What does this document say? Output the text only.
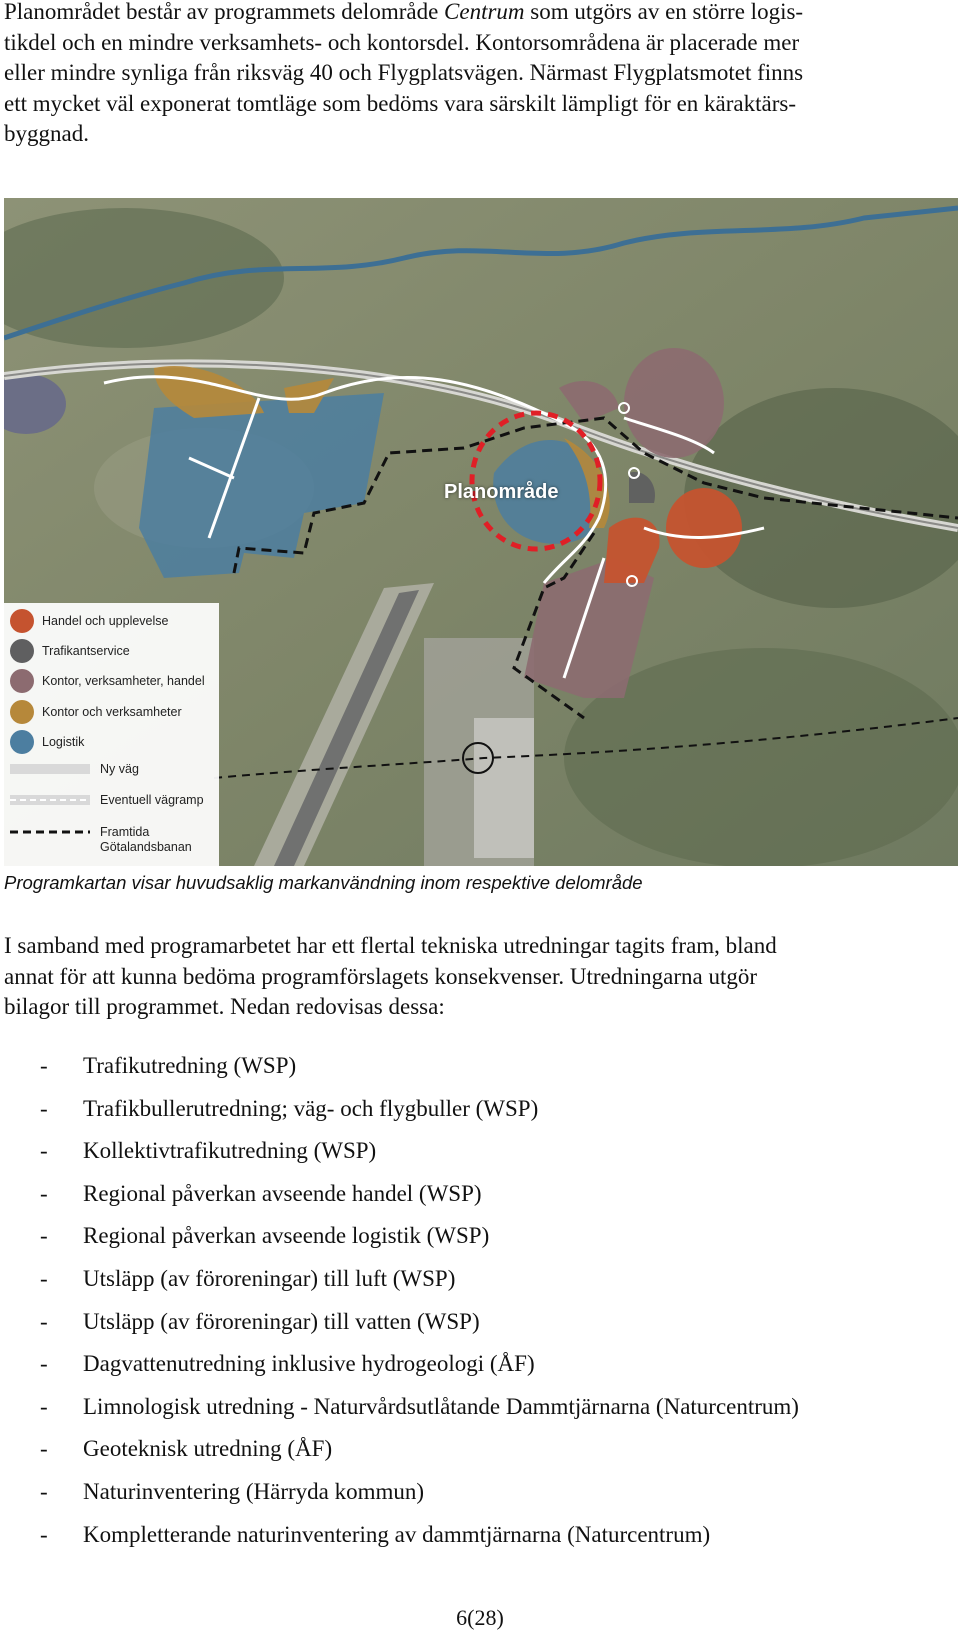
Planområdet består av programmets delområde Centrum som utgörs av en större logis-
tikdel och en mindre verksamhets- och kontorsdel. Kontorsområdena är placerade mer
eller mindre synliga från riksväg 40 och Flygplatsvägen. Närmast Flygplatsmotet finns
ett mycket väl exponerat tomtläge som bedöms vara särskilt lämpligt för en käraktärs-
byggnad.
Planområde
Handel och upplevelse
Trafikantservice
Kontor, verksamheter, handel
Kontor och verksamheter
Logistik
Ny väg
Eventuell vägramp
Framtida
Götalandsbanan
Programkartan visar huvudsaklig markanvändning inom respektive delområde
I samband med programarbetet har ett flertal tekniska utredningar tagits fram, bland
annat för att kunna bedöma programförslagets konsekvenser. Utredningarna utgör
bilagor till programmet. Nedan redovisas dessa:
-	Trafikutredning (WSP)
-	Trafikbullerutredning; väg- och flygbuller (WSP)
-	Kollektivtrafikutredning (WSP)
-	Regional påverkan avseende handel (WSP)
-	Regional påverkan avseende logistik (WSP)
-	Utsläpp (av föroreningar) till luft (WSP)
-	Utsläpp (av föroreningar) till vatten (WSP)
-	Dagvattenutredning inklusive hydrogeologi (ÅF)
-	Limnologisk utredning - Naturvårdsutlåtande Dammtjärnarna (Naturcentrum)
-	Geoteknisk utredning (ÅF)
-	Naturinventering (Härryda kommun)
-	Kompletterande naturinventering av dammtjärnarna (Naturcentrum)
6(28)
